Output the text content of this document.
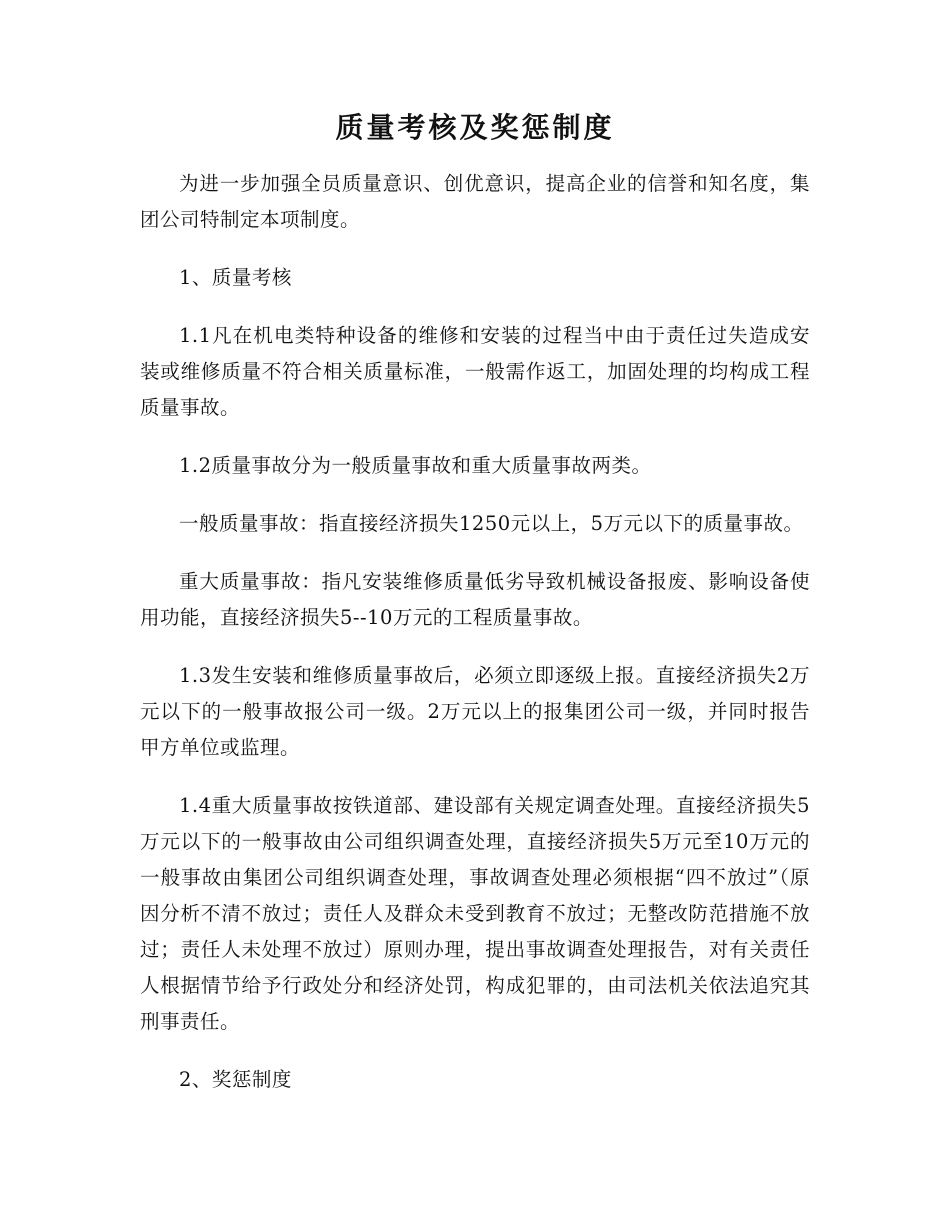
质量考核及奖惩制度

为进一步加强全员质量意识、创优意识，提高企业的信誉和知名度，集团公司特制定本项制度。

1、质量考核

1.1凡在机电类特种设备的维修和安装的过程当中由于责任过失造成安装或维修质量不符合相关质量标准，一般需作返工，加固处理的均构成工程质量事故。

1.2质量事故分为一般质量事故和重大质量事故两类。

一般质量事故：指直接经济损失1250元以上，5万元以下的质量事故。

重大质量事故：指凡安装维修质量低劣导致机械设备报废、影响设备使用功能，直接经济损失5--10万元的工程质量事故。

1.3发生安装和维修质量事故后，必须立即逐级上报。直接经济损失2万元以下的一般事故报公司一级。2万元以上的报集团公司一级，并同时报告甲方单位或监理。

1.4重大质量事故按铁道部、建设部有关规定调查处理。直接经济损失5万元以下的一般事故由公司组织调查处理，直接经济损失5万元至10万元的一般事故由集团公司组织调查处理，事故调查处理必须根据“四不放过”（原因分析不清不放过；责任人及群众未受到教育不放过；无整改防范措施不放过；责任人未处理不放过）原则办理，提出事故调查处理报告，对有关责任人根据情节给予行政处分和经济处罚，构成犯罪的，由司法机关依法追究其刑事责任。

2、奖惩制度
